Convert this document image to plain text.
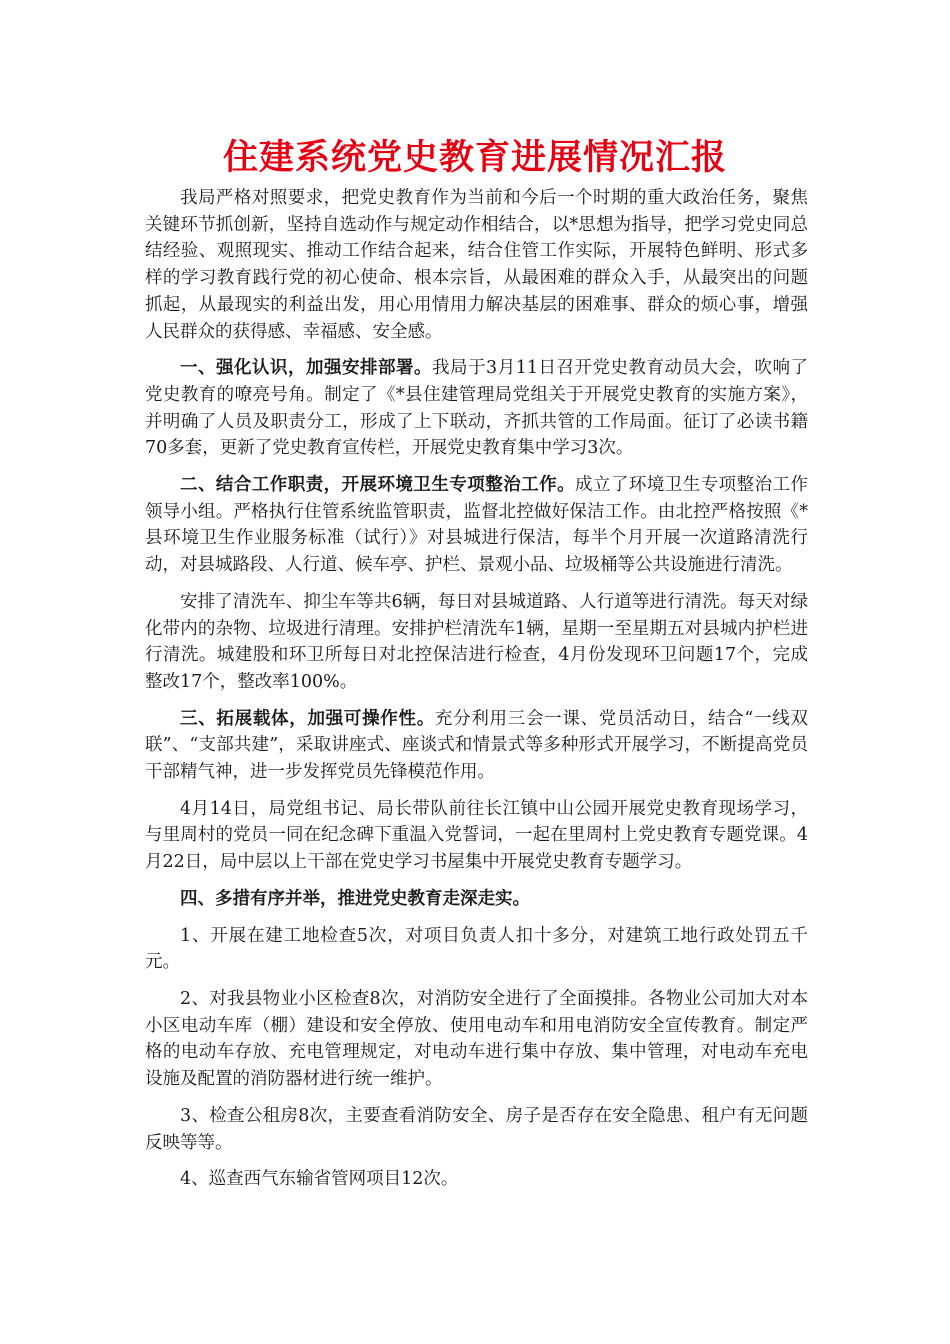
住建系统党史教育进展情况汇报

我局严格对照要求，把党史教育作为当前和今后一个时期的重大政治任务，聚焦关键环节抓创新，坚持自选动作与规定动作相结合，以*思想为指导，把学习党史同总结经验、观照现实、推动工作结合起来，结合住管工作实际，开展特色鲜明、形式多样的学习教育践行党的初心使命、根本宗旨，从最困难的群众入手，从最突出的问题抓起，从最现实的利益出发，用心用情用力解决基层的困难事、群众的烦心事，增强人民群众的获得感、幸福感、安全感。

一、强化认识，加强安排部署。我局于3月11日召开党史教育动员大会，吹响了党史教育的嘹亮号角。制定了《*县住建管理局党组关于开展党史教育的实施方案》，并明确了人员及职责分工，形成了上下联动，齐抓共管的工作局面。征订了必读书籍70多套，更新了党史教育宣传栏，开展党史教育集中学习3次。

二、结合工作职责，开展环境卫生专项整治工作。成立了环境卫生专项整治工作领导小组。严格执行住管系统监管职责，监督北控做好保洁工作。由北控严格按照《*县环境卫生作业服务标准（试行）》对县城进行保洁，每半个月开展一次道路清洗行动，对县城路段、人行道、候车亭、护栏、景观小品、垃圾桶等公共设施进行清洗。

安排了清洗车、抑尘车等共6辆，每日对县城道路、人行道等进行清洗。每天对绿化带内的杂物、垃圾进行清理。安排护栏清洗车1辆，星期一至星期五对县城内护栏进行清洗。城建股和环卫所每日对北控保洁进行检查，4月份发现环卫问题17个，完成整改17个，整改率100%。

三、拓展载体，加强可操作性。充分利用三会一课、党员活动日，结合“一线双联”、“支部共建”，采取讲座式、座谈式和情景式等多种形式开展学习，不断提高党员干部精气神，进一步发挥党员先锋模范作用。

4月14日，局党组书记、局长带队前往长江镇中山公园开展党史教育现场学习，与里周村的党员一同在纪念碑下重温入党誓词，一起在里周村上党史教育专题党课。4月22日，局中层以上干部在党史学习书屋集中开展党史教育专题学习。

四、多措有序并举，推进党史教育走深走实。

1、开展在建工地检查5次，对项目负责人扣十多分，对建筑工地行政处罚五千元。

2、对我县物业小区检查8次，对消防安全进行了全面摸排。各物业公司加大对本小区电动车库（棚）建设和安全停放、使用电动车和用电消防安全宣传教育。制定严格的电动车存放、充电管理规定，对电动车进行集中存放、集中管理，对电动车充电设施及配置的消防器材进行统一维护。

3、检查公租房8次，主要查看消防安全、房子是否存在安全隐患、租户有无问题反映等等。

4、巡查西气东输省管网项目12次。
